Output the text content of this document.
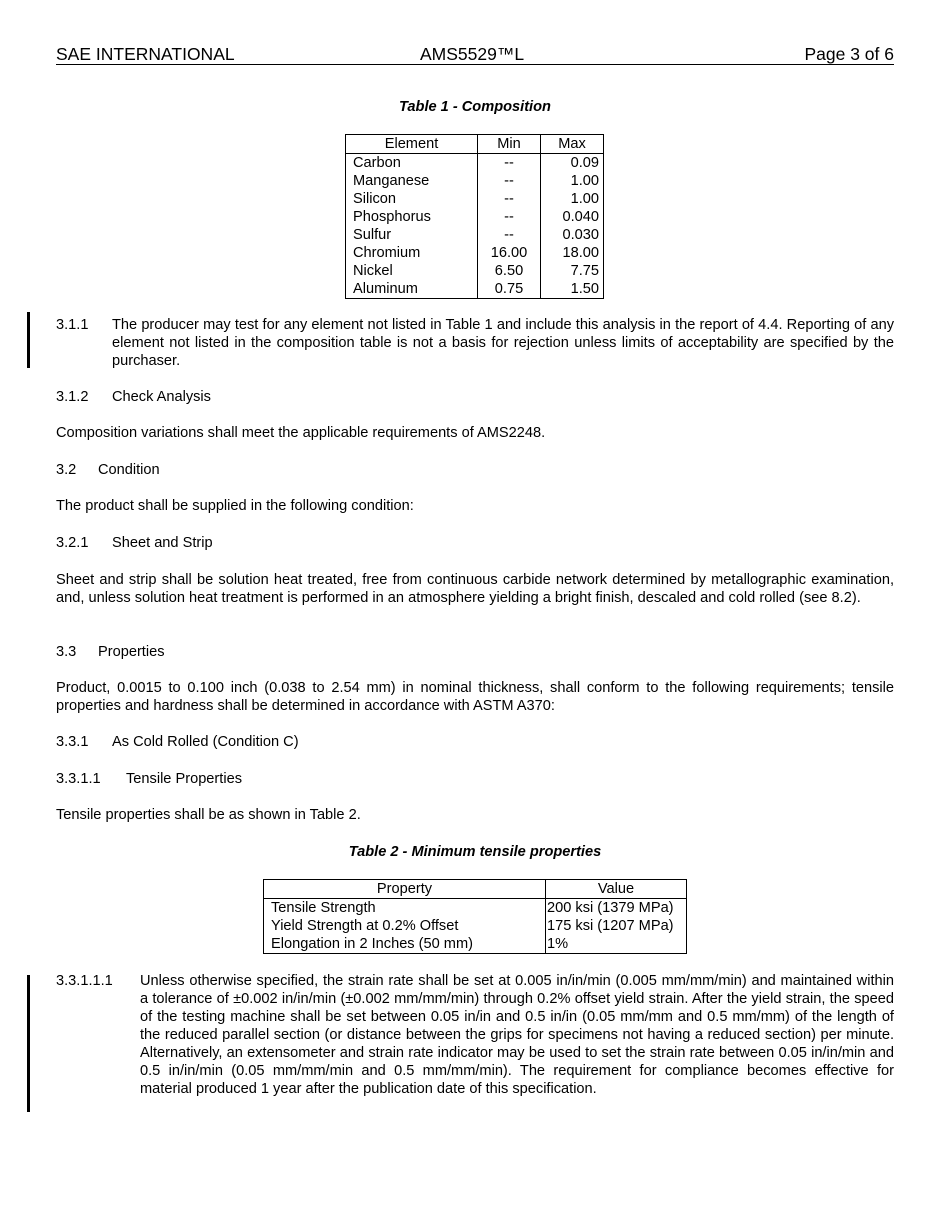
SAE INTERNATIONAL	AMS5529™L	Page 3 of 6
Table 1 - Composition
Element	Min	Max
Carbon	--	0.09
Manganese	--	1.00
Silicon	--	1.00
Phosphorus	--	0.040
Sulfur	--	0.030
Chromium	16.00	18.00
Nickel	6.50	7.75
Aluminum	0.75	1.50
3.1.1 The producer may test for any element not listed in Table 1 and include this analysis in the report of 4.4. Reporting of any element not listed in the composition table is not a basis for rejection unless limits of acceptability are specified by the purchaser.
3.1.2 Check Analysis
Composition variations shall meet the applicable requirements of AMS2248.
3.2 Condition
The product shall be supplied in the following condition:
3.2.1 Sheet and Strip
Sheet and strip shall be solution heat treated, free from continuous carbide network determined by metallographic examination, and, unless solution heat treatment is performed in an atmosphere yielding a bright finish, descaled and cold rolled (see 8.2).
3.3 Properties
Product, 0.0015 to 0.100 inch (0.038 to 2.54 mm) in nominal thickness, shall conform to the following requirements; tensile properties and hardness shall be determined in accordance with ASTM A370:
3.3.1 As Cold Rolled (Condition C)
3.3.1.1 Tensile Properties
Tensile properties shall be as shown in Table 2.
Table 2 - Minimum tensile properties
Property	Value
Tensile Strength	200 ksi (1379 MPa)
Yield Strength at 0.2% Offset	175 ksi (1207 MPa)
Elongation in 2 Inches (50 mm)	1%
3.3.1.1.1 Unless otherwise specified, the strain rate shall be set at 0.005 in/in/min (0.005 mm/mm/min) and maintained within a tolerance of ±0.002 in/in/min (±0.002 mm/mm/min) through 0.2% offset yield strain. After the yield strain, the speed of the testing machine shall be set between 0.05 in/in and 0.5 in/in (0.05 mm/mm and 0.5 mm/mm) of the length of the reduced parallel section (or distance between the grips for specimens not having a reduced section) per minute. Alternatively, an extensometer and strain rate indicator may be used to set the strain rate between 0.05 in/in/min and 0.5 in/in/min (0.05 mm/mm/min and 0.5 mm/mm/min). The requirement for compliance becomes effective for material produced 1 year after the publication date of this specification.
